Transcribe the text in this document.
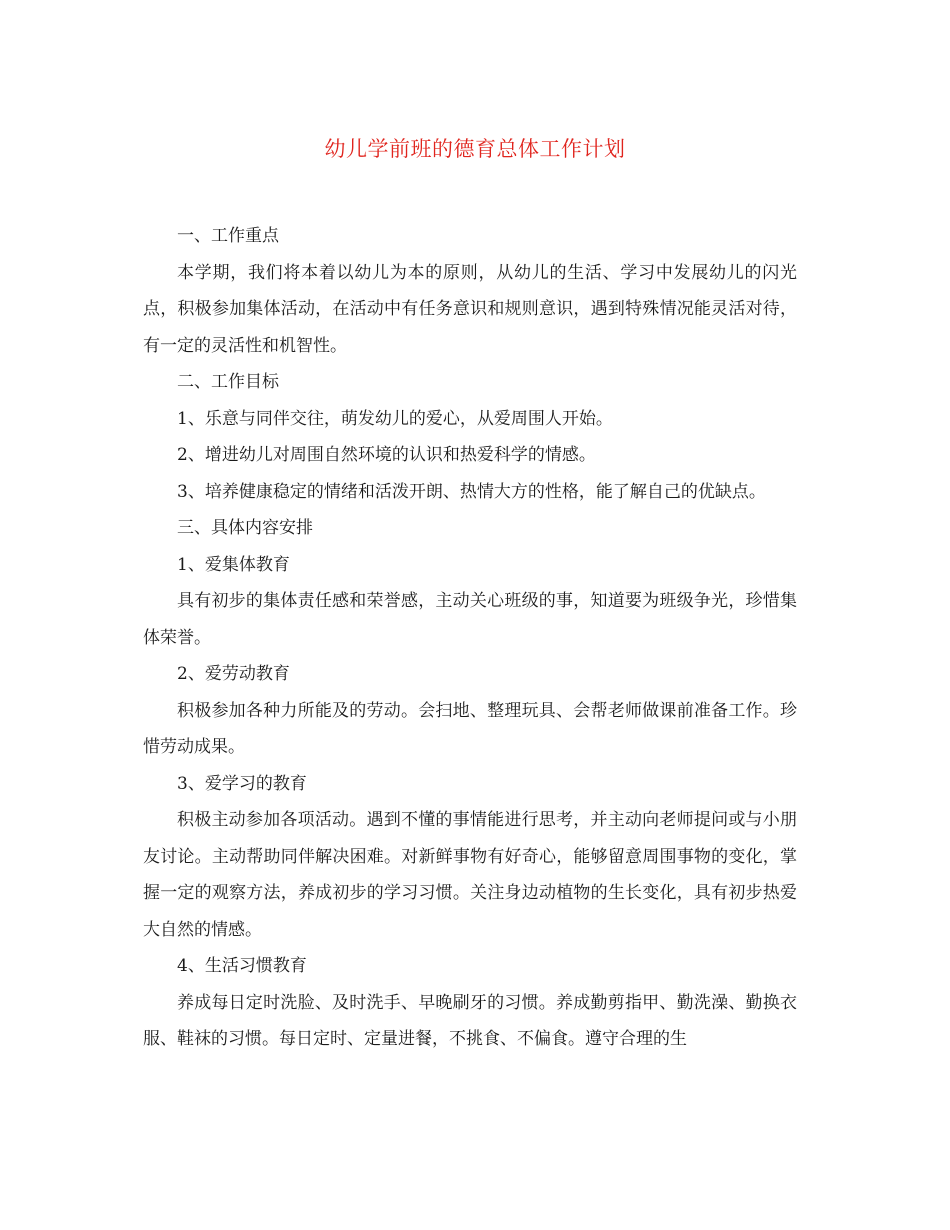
幼儿学前班的德育总体工作计划

一、工作重点

本学期，我们将本着以幼儿为本的原则，从幼儿的生活、学习中发展幼儿的闪光点，积极参加集体活动，在活动中有任务意识和规则意识，遇到特殊情况能灵活对待，有一定的灵活性和机智性。

二、工作目标

1、乐意与同伴交往，萌发幼儿的爱心，从爱周围人开始。

2、增进幼儿对周围自然环境的认识和热爱科学的情感。

3、培养健康稳定的情绪和活泼开朗、热情大方的性格，能了解自己的优缺点。

三、具体内容安排

1、爱集体教育

具有初步的集体责任感和荣誉感，主动关心班级的事，知道要为班级争光，珍惜集体荣誉。

2、爱劳动教育

积极参加各种力所能及的劳动。会扫地、整理玩具、会帮老师做课前准备工作。珍惜劳动成果。

3、爱学习的教育

积极主动参加各项活动。遇到不懂的事情能进行思考，并主动向老师提问或与小朋友讨论。主动帮助同伴解决困难。对新鲜事物有好奇心，能够留意周围事物的变化，掌握一定的观察方法，养成初步的学习习惯。关注身边动植物的生长变化，具有初步热爱大自然的情感。

4、生活习惯教育

养成每日定时洗脸、及时洗手、早晚刷牙的习惯。养成勤剪指甲、勤洗澡、勤换衣服、鞋袜的习惯。每日定时、定量进餐，不挑食、不偏食。遵守合理的生
